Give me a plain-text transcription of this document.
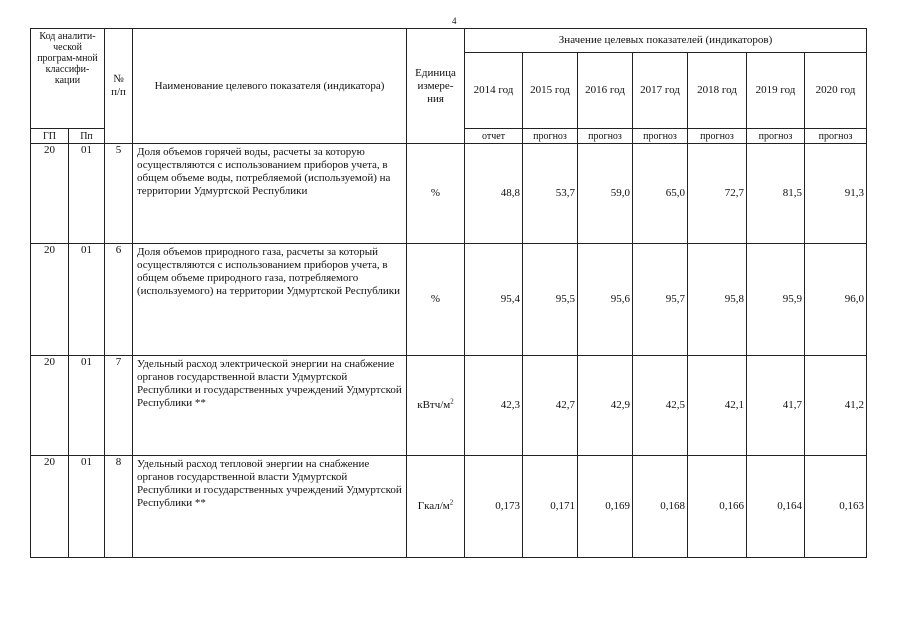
4
Код аналити-ческой програм-мной классифи-кации		№ п/п	Наименование целевого показателя (индикатора)	Единица измере-ния	Значение целевых показателей (индикаторов)						
					2014 год	2015 год	2016 год	2017 год	2018 год	2019 год	2020 год
ГП	Пп				отчет	прогноз	прогноз	прогноз	прогноз	прогноз	прогноз
20	01	5	Доля объемов горячей воды, расчеты за которую осуществляются с использованием приборов учета, в общем объеме воды, потребляемой (используемой) на территории Удмуртской Республики	%	48,8	53,7	59,0	65,0	72,7	81,5	91,3
20	01	6	Доля объемов природного газа, расчеты за который осуществляются с использованием приборов учета, в общем объеме природного газа, потребляемого (используемого) на территории Удмуртской Республики	%	95,4	95,5	95,6	95,7	95,8	95,9	96,0
20	01	7	Удельный расход электрической энергии на снабжение органов государственной власти Удмуртской Республики и государственных учреждений Удмуртской Республики **	кВтч/$м^2$	42,3	42,7	42,9	42,5	42,1	41,7	41,2
20	01	8	Удельный расход тепловой энергии на снабжение органов государственной власти Удмуртской Республики и государственных учреждений Удмуртской Республики **	Гкал/$м^2$	0,173	0,171	0,169	0,168	0,166	0,164	0,163
